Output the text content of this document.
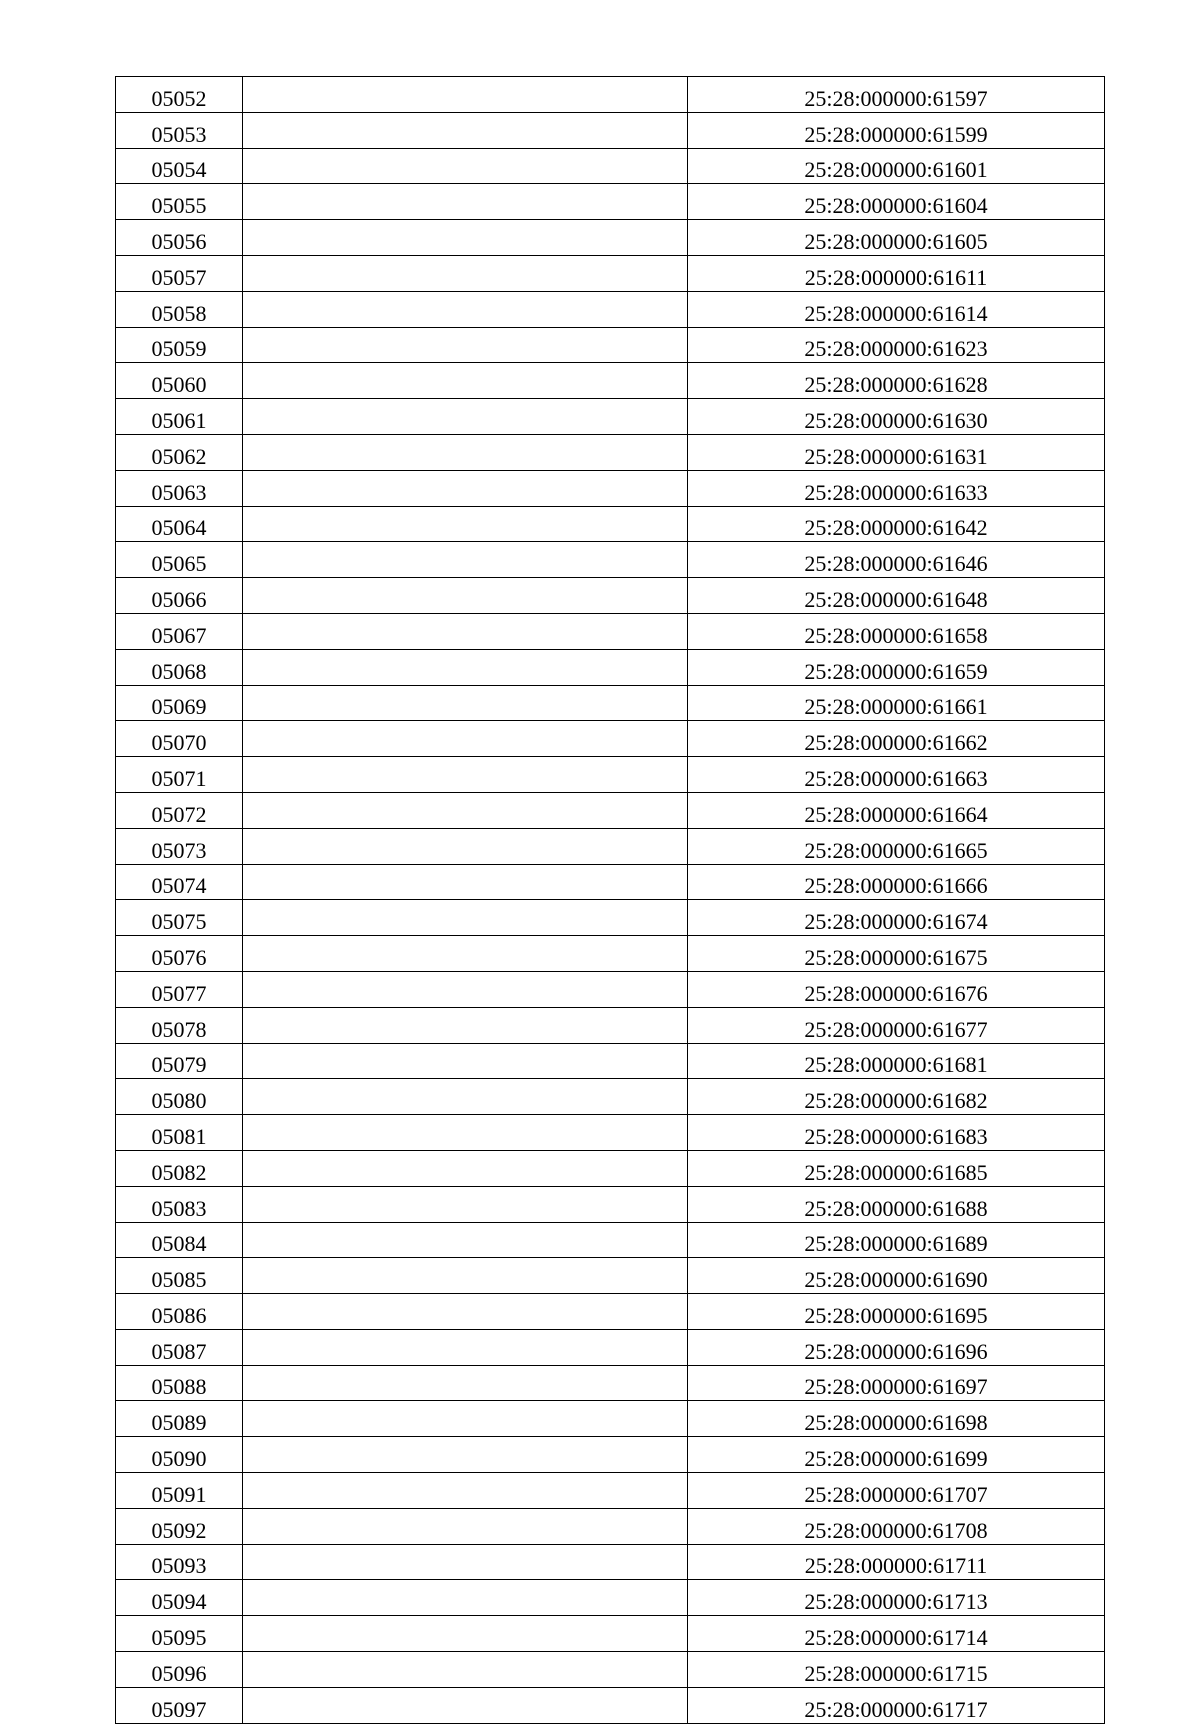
05052		25:28:000000:61597
05053		25:28:000000:61599
05054		25:28:000000:61601
05055		25:28:000000:61604
05056		25:28:000000:61605
05057		25:28:000000:61611
05058		25:28:000000:61614
05059		25:28:000000:61623
05060		25:28:000000:61628
05061		25:28:000000:61630
05062		25:28:000000:61631
05063		25:28:000000:61633
05064		25:28:000000:61642
05065		25:28:000000:61646
05066		25:28:000000:61648
05067		25:28:000000:61658
05068		25:28:000000:61659
05069		25:28:000000:61661
05070		25:28:000000:61662
05071		25:28:000000:61663
05072		25:28:000000:61664
05073		25:28:000000:61665
05074		25:28:000000:61666
05075		25:28:000000:61674
05076		25:28:000000:61675
05077		25:28:000000:61676
05078		25:28:000000:61677
05079		25:28:000000:61681
05080		25:28:000000:61682
05081		25:28:000000:61683
05082		25:28:000000:61685
05083		25:28:000000:61688
05084		25:28:000000:61689
05085		25:28:000000:61690
05086		25:28:000000:61695
05087		25:28:000000:61696
05088		25:28:000000:61697
05089		25:28:000000:61698
05090		25:28:000000:61699
05091		25:28:000000:61707
05092		25:28:000000:61708
05093		25:28:000000:61711
05094		25:28:000000:61713
05095		25:28:000000:61714
05096		25:28:000000:61715
05097		25:28:000000:61717
